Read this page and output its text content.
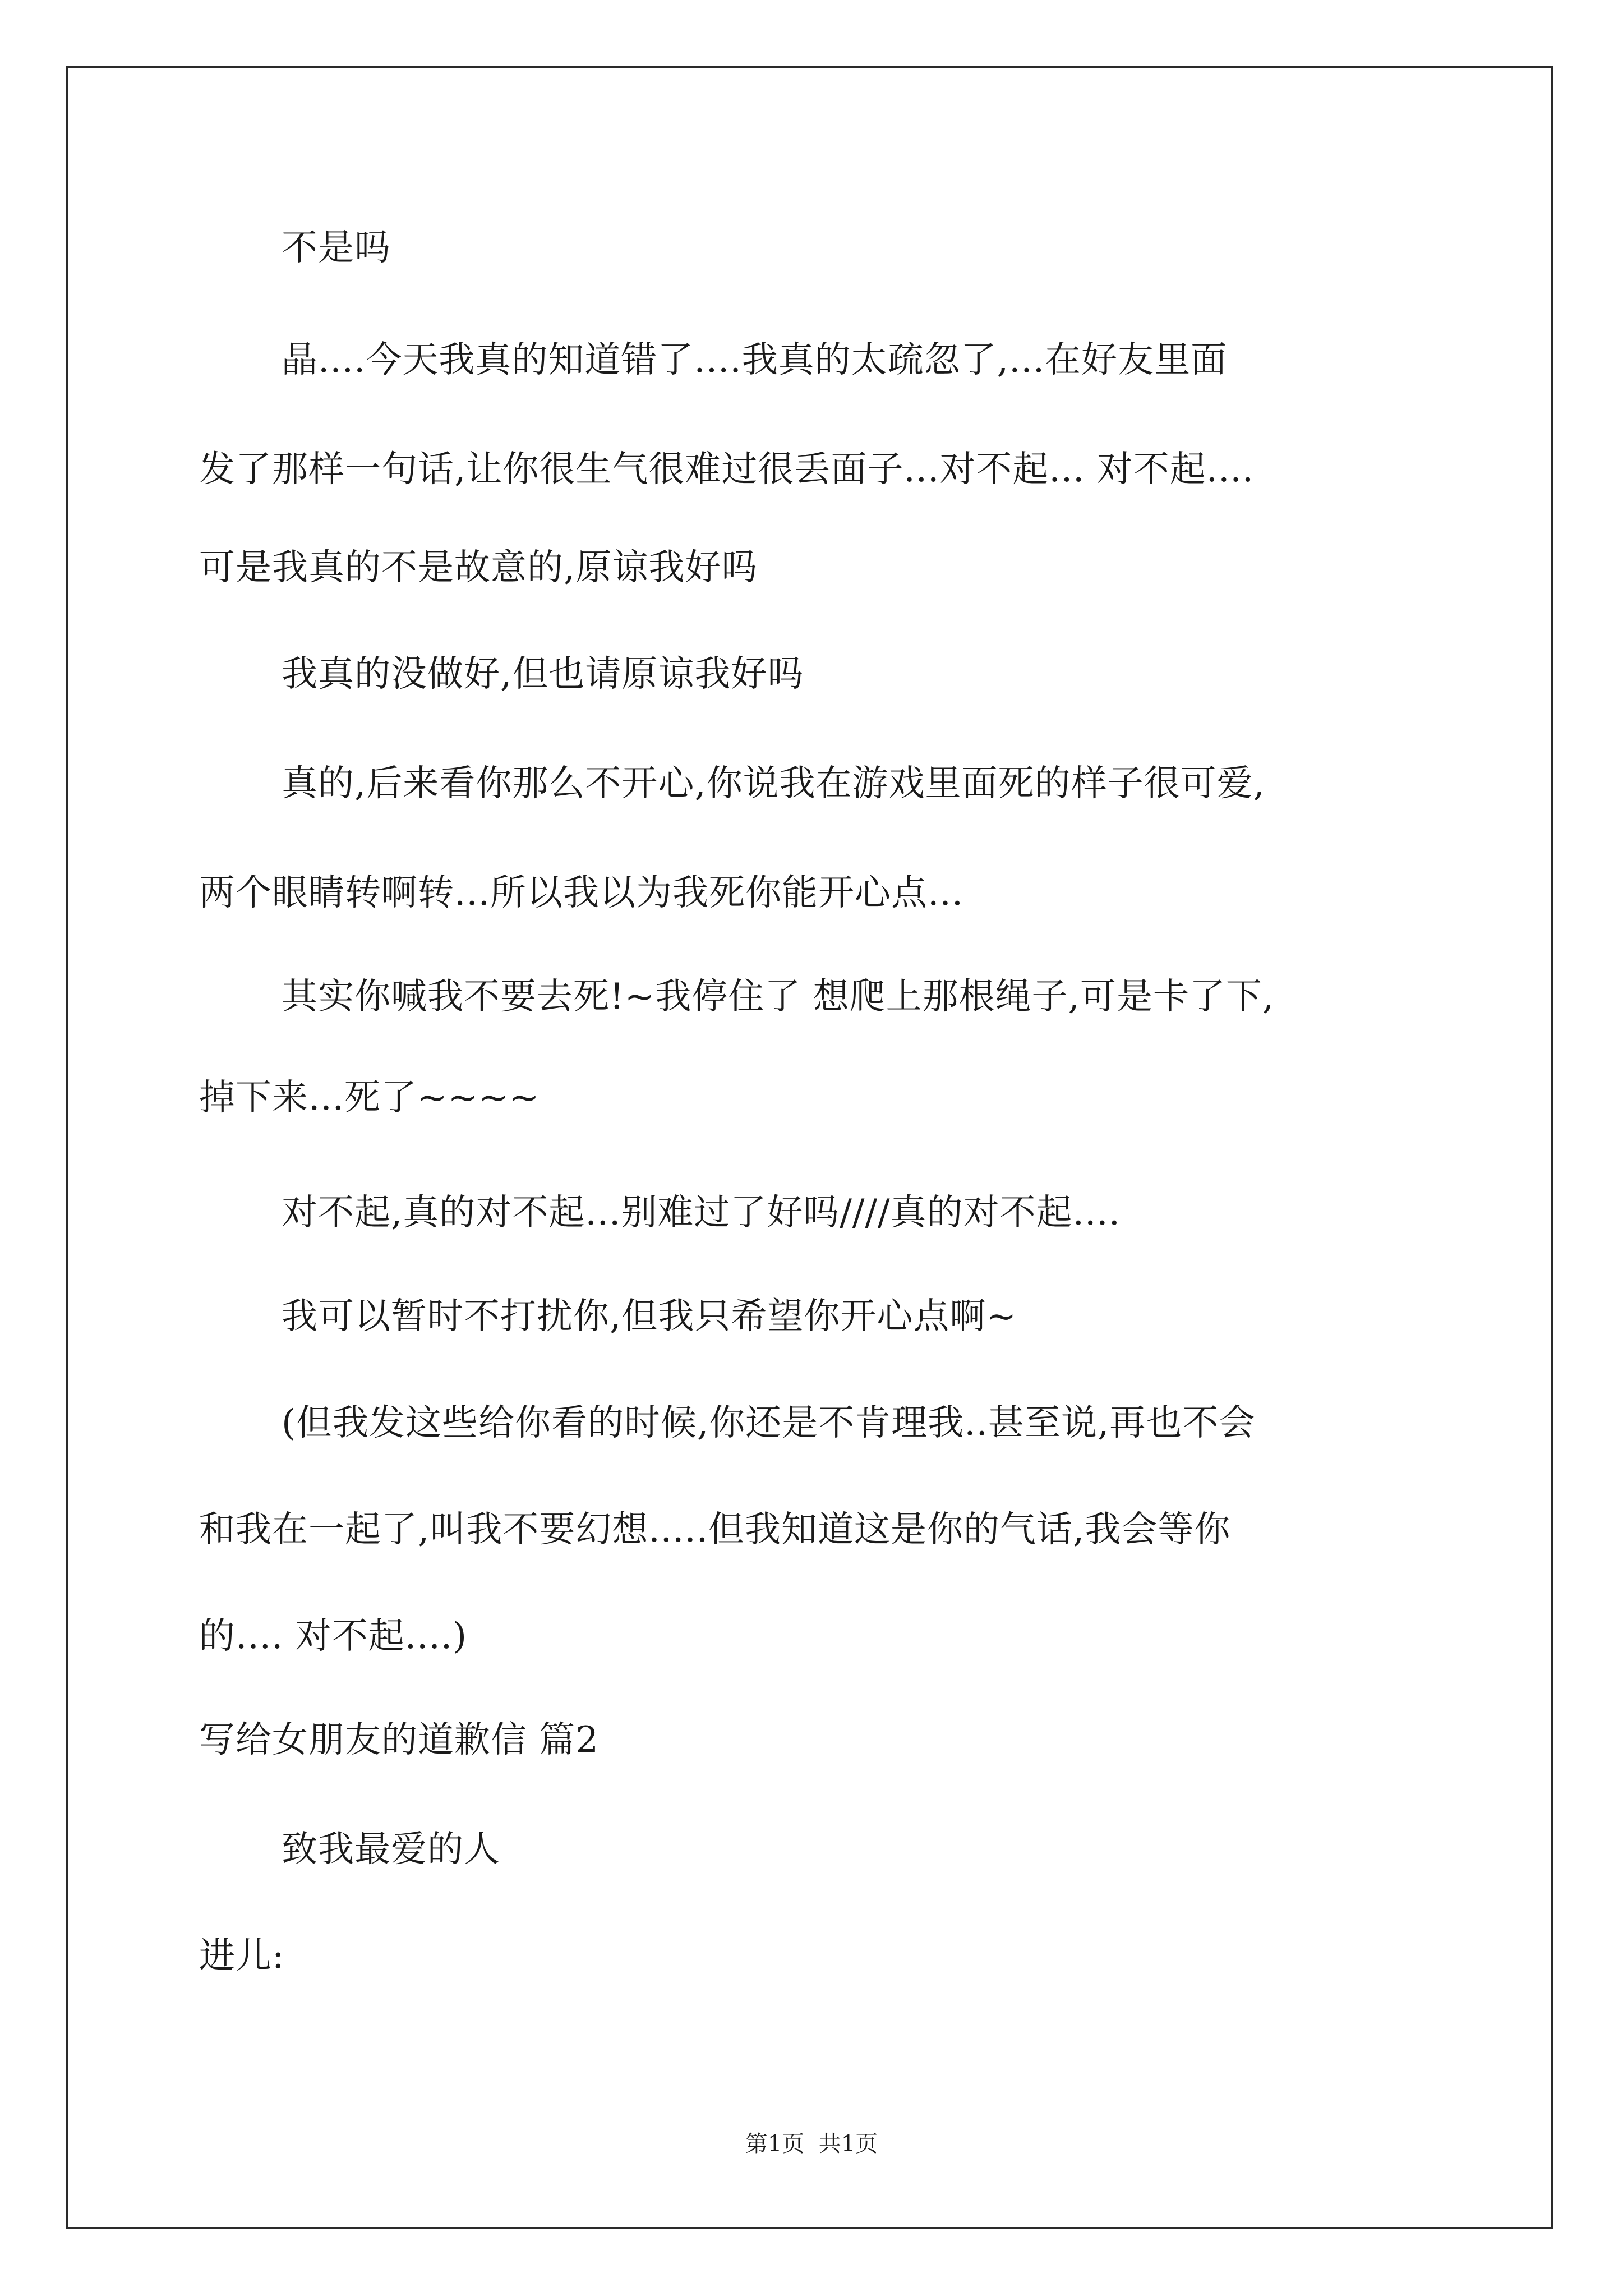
不是吗
晶....今天我真的知道错了....我真的太疏忽了,...在好友里面
发了那样一句话,让你很生气很难过很丢面子...对不起... 对不起....
可是我真的不是故意的,原谅我好吗
我真的没做好,但也请原谅我好吗
真的,后来看你那么不开心,你说我在游戏里面死的样子很可爱,
两个眼睛转啊转...所以我以为我死你能开心点...
其实你喊我不要去死!~我停住了 想爬上那根绳子,可是卡了下,
掉下来...死了~~~~
对不起,真的对不起...别难过了好吗////真的对不起....
我可以暂时不打扰你,但我只希望你开心点啊~
(但我发这些给你看的时候,你还是不肯理我..甚至说,再也不会
和我在一起了,叫我不要幻想.....但我知道这是你的气话,我会等你
的.... 对不起....)
写给女朋友的道歉信 篇2
致我最爱的人
进儿:
第1页  共1页
